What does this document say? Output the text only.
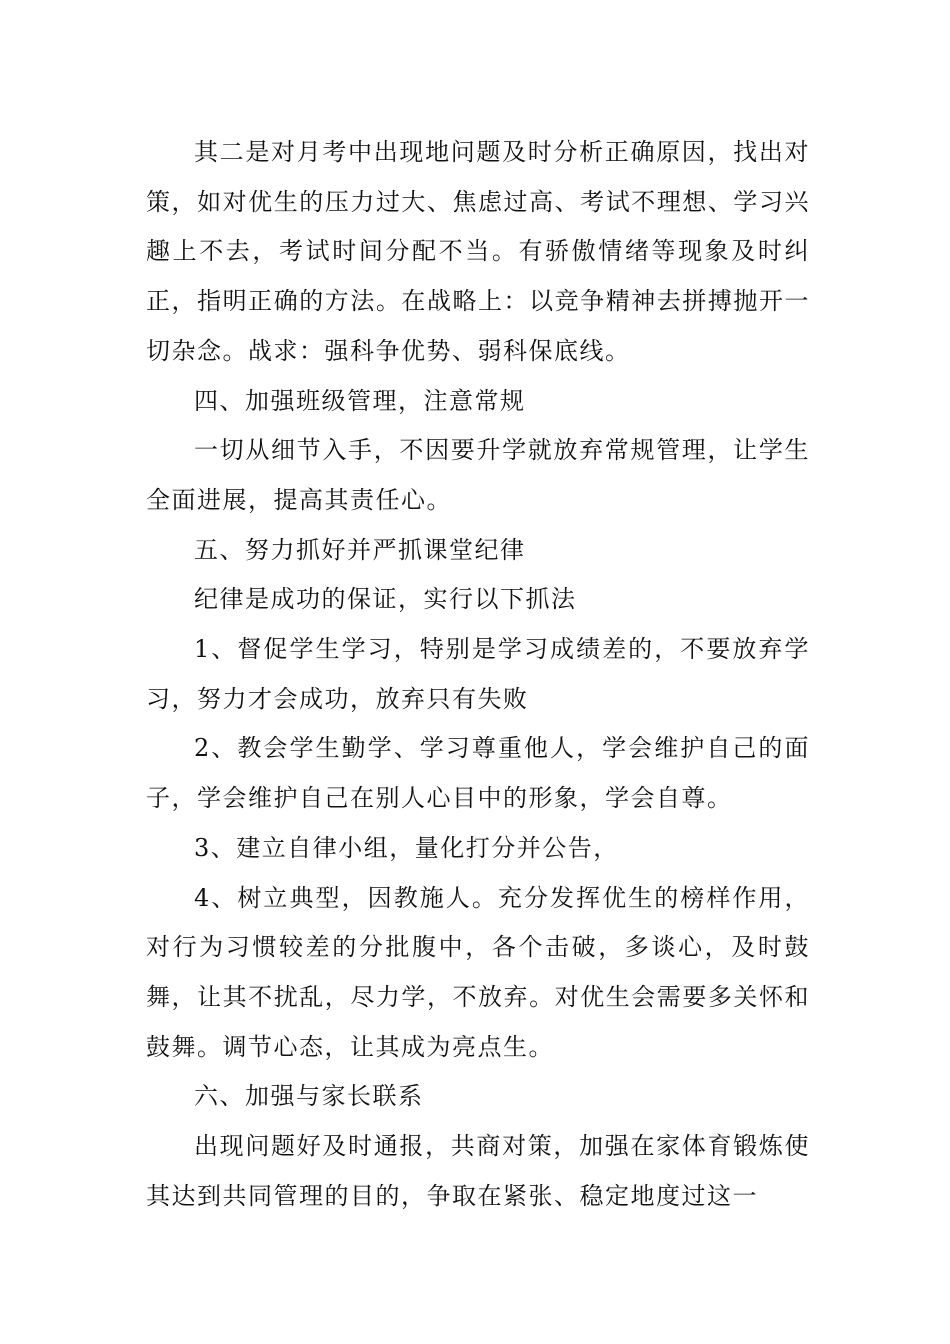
其二是对月考中出现地问题及时分析正确原因，找出对策，如对优生的压力过大、焦虑过高、考试不理想、学习兴趣上不去，考试时间分配不当。有骄傲情绪等现象及时纠正，指明正确的方法。在战略上：以竞争精神去拼搏抛开一切杂念。战求：强科争优势、弱科保底线。

四、加强班级管理，注意常规

一切从细节入手，不因要升学就放弃常规管理，让学生全面进展，提高其责任心。

五、努力抓好并严抓课堂纪律

纪律是成功的保证，实行以下抓法

1、督促学生学习，特别是学习成绩差的，不要放弃学习，努力才会成功，放弃只有失败

2、教会学生勤学、学习尊重他人，学会维护自己的面子，学会维护自己在别人心目中的形象，学会自尊。

3、建立自律小组，量化打分并公告，

4、树立典型，因教施人。充分发挥优生的榜样作用，对行为习惯较差的分批腹中，各个击破，多谈心，及时鼓舞，让其不扰乱，尽力学，不放弃。对优生会需要多关怀和鼓舞。调节心态，让其成为亮点生。

六、加强与家长联系

出现问题好及时通报，共商对策，加强在家体育锻炼使其达到共同管理的目的，争取在紧张、稳定地度过这一
